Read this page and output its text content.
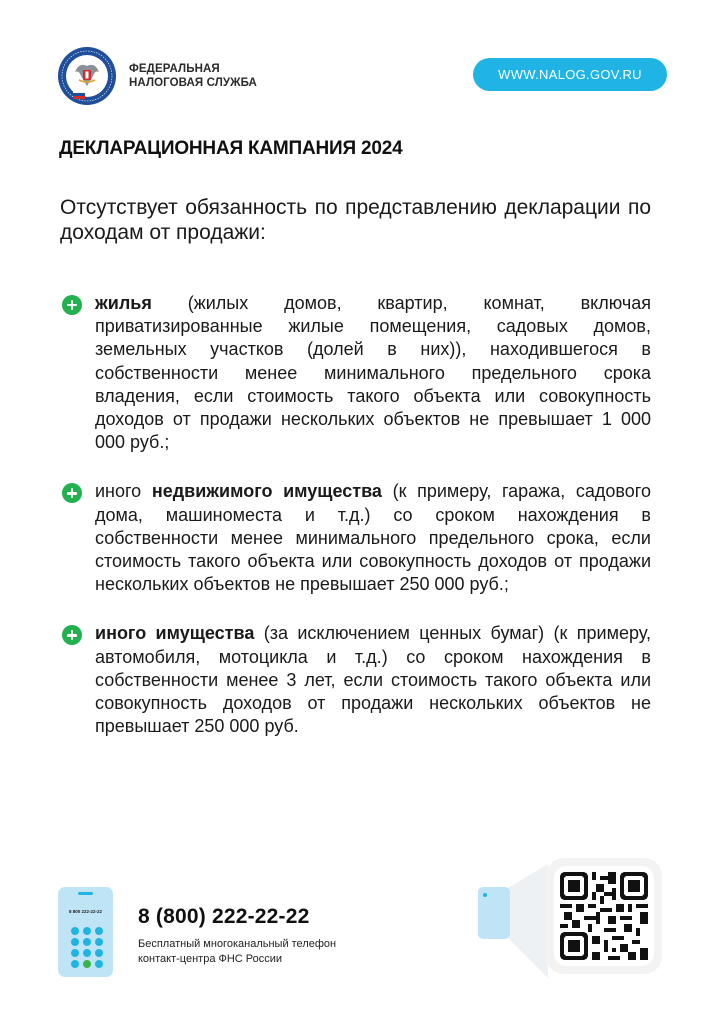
ФЕДЕРАЛЬНАЯ
НАЛОГОВАЯ СЛУЖБА
WWW.NALOG.GOV.RU
ДЕКЛАРАЦИОННАЯ КАМПАНИЯ 2024
Отсутствует обязанность по представлению декларации по доходам от продажи:
жилья (жилых домов, квартир, комнат, включая приватизированные жилые помещения, садовых домов, земельных участков (долей в них)), находившегося в собственности менее минимального предельного срока владения, если стоимость такого объекта или совокупность доходов от продажи нескольких объектов не превышает 1 000 000 руб.;
иного недвижимого имущества (к примеру, гаража, садового дома, машиноместа и т.д.) со сроком нахождения в собственности менее минимального предельного срока, если стоимость такого объекта или совокупность доходов от продажи нескольких объектов не превышает 250 000 руб.;
иного имущества (за исключением ценных бумаг) (к примеру, автомобиля, мотоцикла и т.д.) со сроком нахождения в собственности менее 3 лет, если стоимость такого объекта или совокупность доходов от продажи нескольких объектов не превышает 250 000 руб.
8 800 222-22-22	8 (800) 222-22-22
Бесплатный многоканальный телефон
контакт-центра ФНС России
